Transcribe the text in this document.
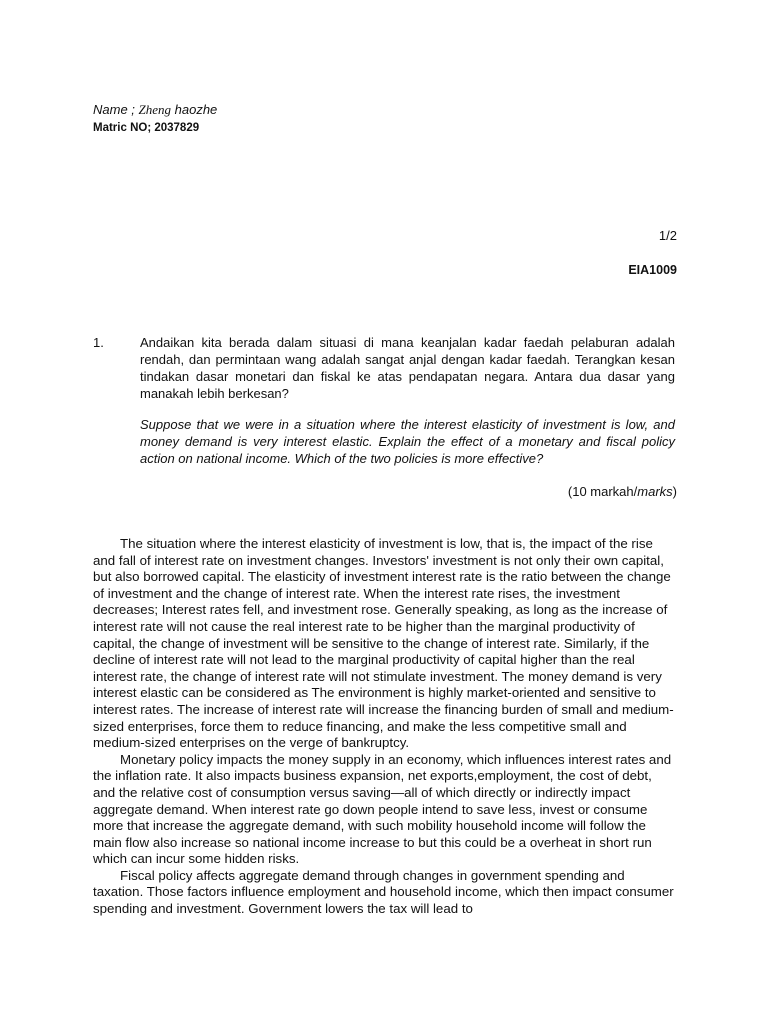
Name ; Zheng haozhe
Matric NO; 2037829
1/2
EIA1009
1.	Andaikan kita berada dalam situasi di mana keanjalan kadar faedah pelaburan adalah rendah, dan permintaan wang adalah sangat anjal dengan kadar faedah. Terangkan kesan tindakan dasar monetari dan fiskal ke atas pendapatan negara. Antara dua dasar yang manakah lebih berkesan?
Suppose that we were in a situation where the interest elasticity of investment is low, and money demand is very interest elastic. Explain the effect of a monetary and fiscal policy action on national income. Which of the two policies is more effective?
(10 markah/marks)

The situation where the interest elasticity of investment is low, that is, the impact of the rise and fall of interest rate on investment changes. Investors' investment is not only their own capital, but also borrowed capital. The elasticity of investment interest rate is the ratio between the change of investment and the change of interest rate. When the interest rate rises, the investment decreases; Interest rates fell, and investment rose. Generally speaking, as long as the increase of interest rate will not cause the real interest rate to be higher than the marginal productivity of capital, the change of investment will be sensitive to the change of interest rate. Similarly, if the decline of interest rate will not lead to the marginal productivity of capital higher than the real interest rate, the change of interest rate will not stimulate investment. The money demand is very interest elastic can be considered as The environment is highly market-oriented and sensitive to interest rates. The increase of interest rate will increase the financing burden of small and medium-sized enterprises, force them to reduce financing, and make the less competitive small and medium-sized enterprises on the verge of bankruptcy.

Monetary policy impacts the money supply in an economy, which influences interest rates and the inflation rate. It also impacts business expansion, net exports,employment, the cost of debt, and the relative cost of consumption versus saving—all of which directly or indirectly impact aggregate demand. When interest rate go down people intend to save less, invest or consume more that increase the aggregate demand, with such mobility household income will follow the main flow also increase so national income increase to but this could be a overheat in short run which can incur some hidden risks.

Fiscal policy affects aggregate demand through changes in government spending and taxation. Those factors influence employment and household income, which then impact consumer spending and investment. Government lowers the tax will lead to
